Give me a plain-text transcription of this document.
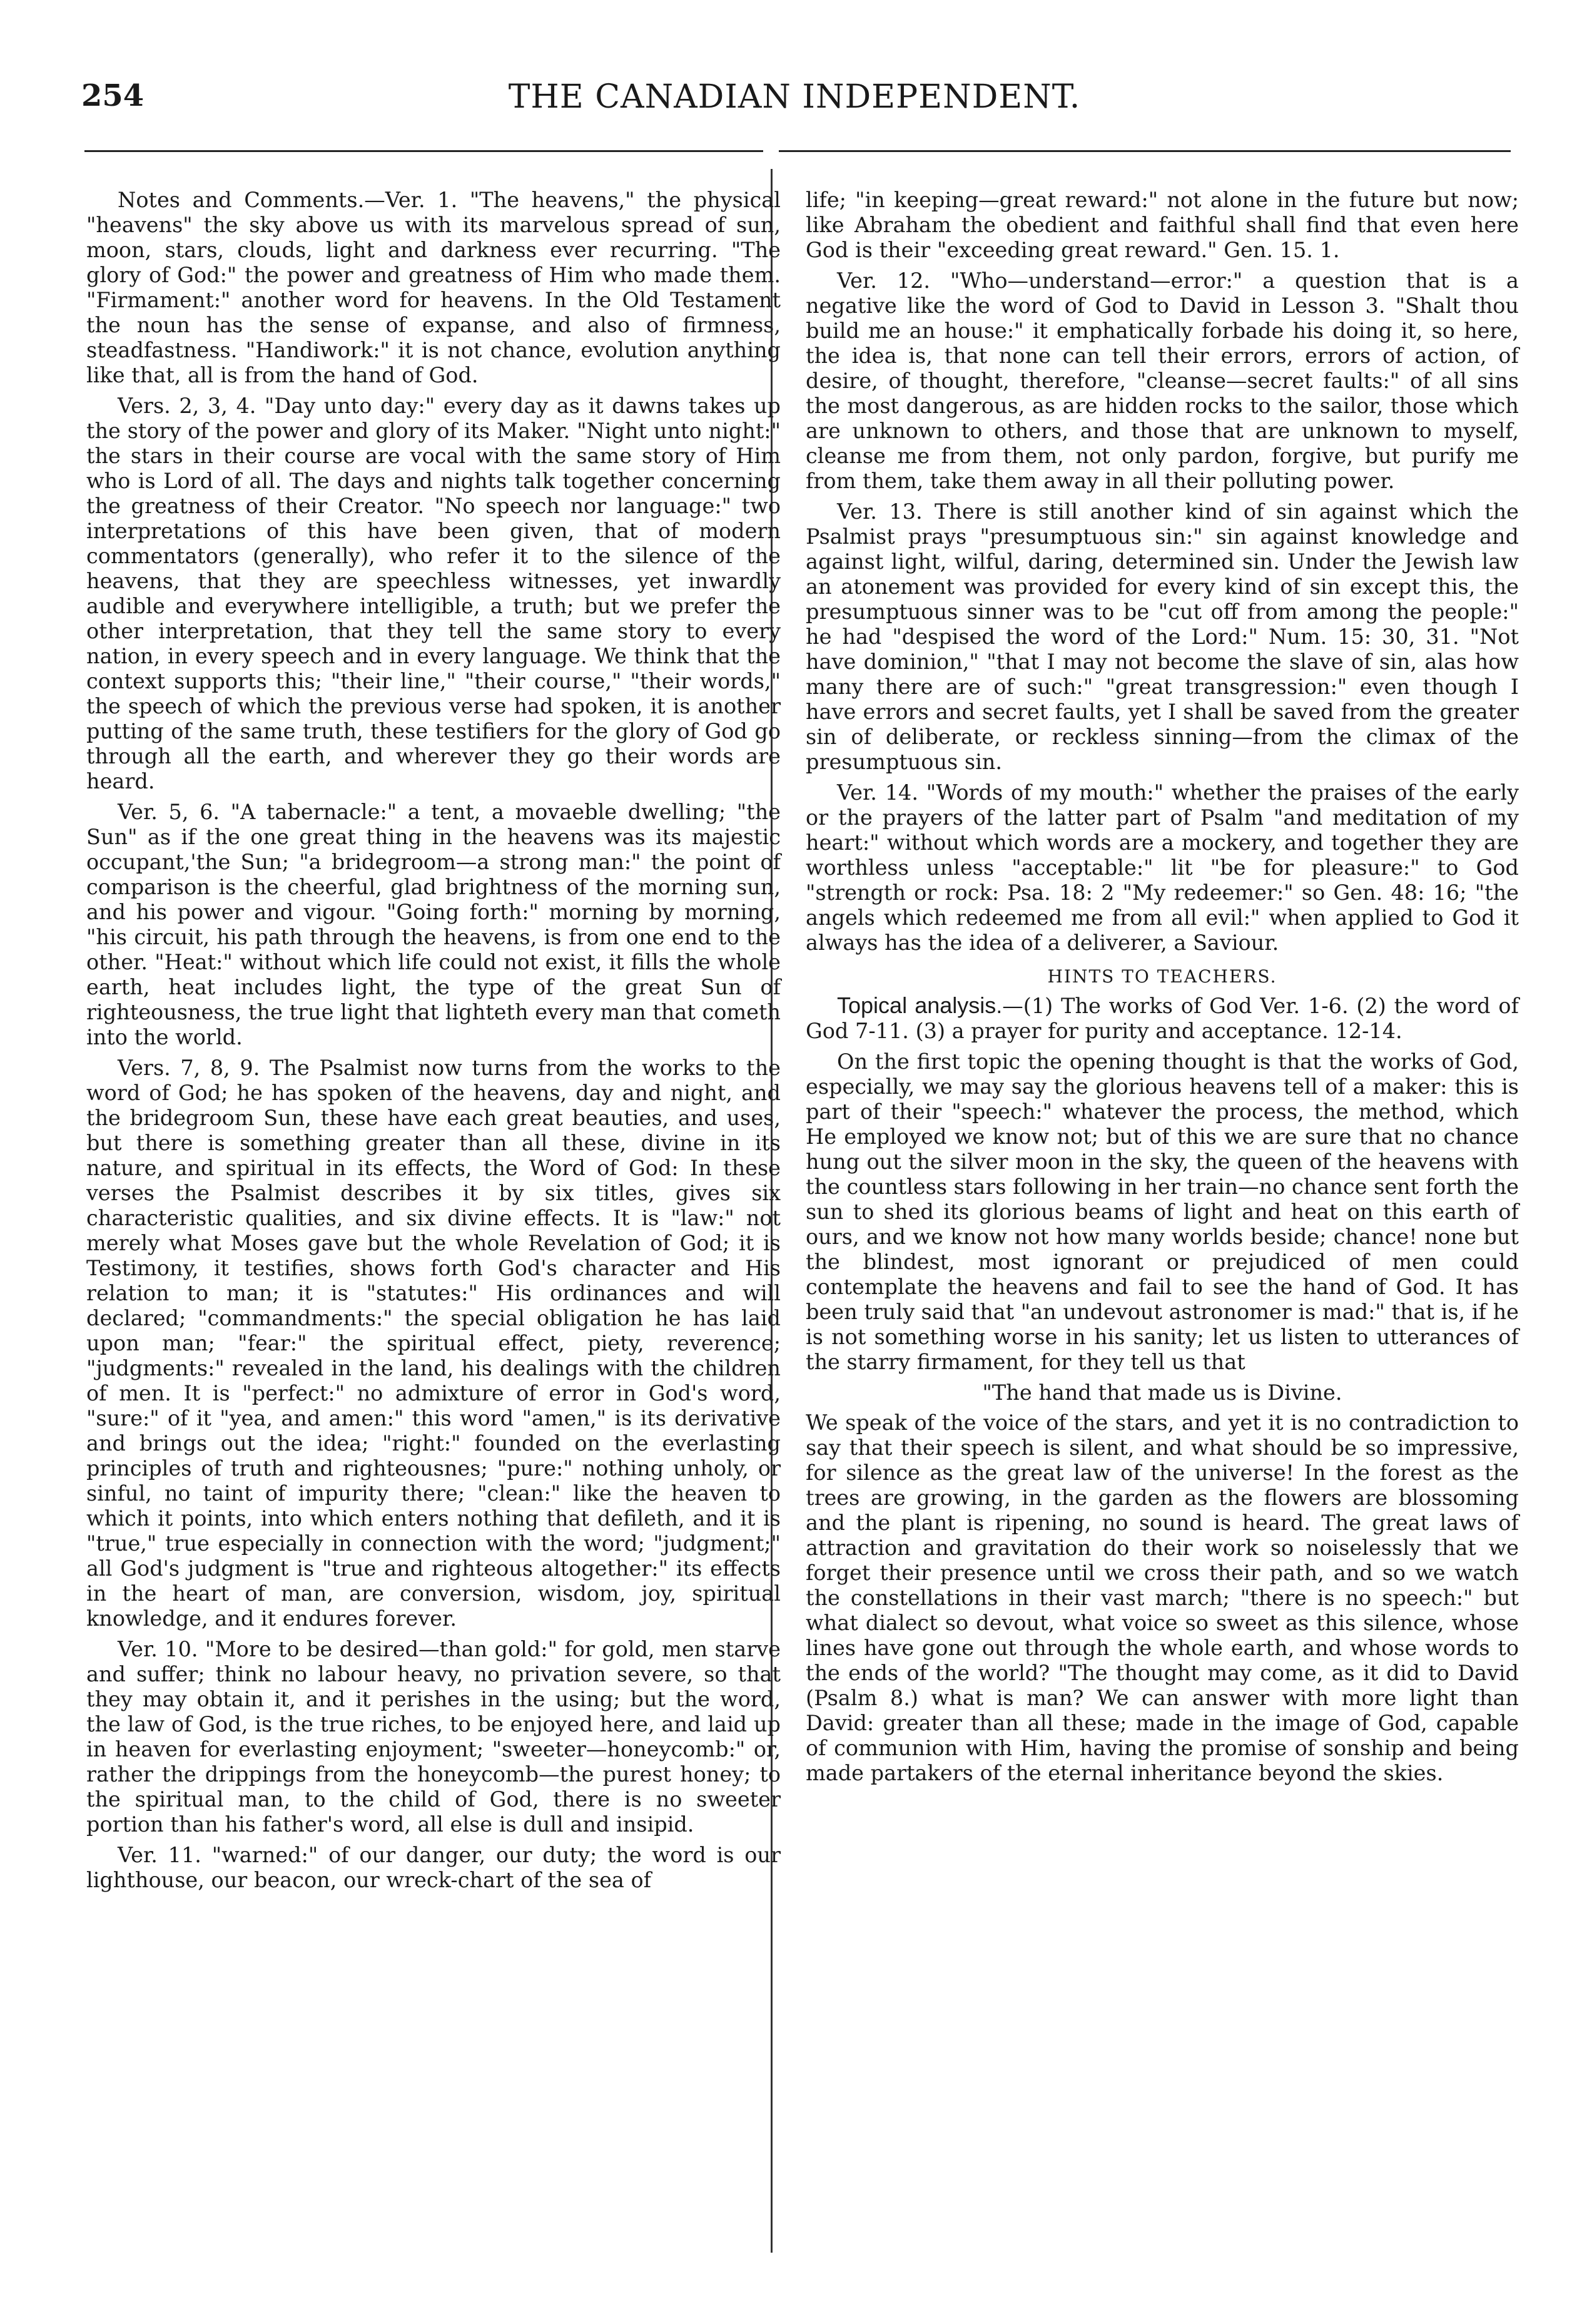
254	THE CANADIAN INDEPENDENT.

Notes and Comments.—Ver. 1. "The heavens," the physical "heavens" the sky above us with its marvelous spread of sun, moon, stars, clouds, light and darkness ever recurring. "The glory of God:" the power and greatness of Him who made them. "Firmament:" another word for heavens. In the Old Testament the noun has the sense of expanse, and also of firmness, steadfastness. "Handiwork:" it is not chance, evolution anything like that, all is from the hand of God.

Vers. 2, 3, 4. "Day unto day:" every day as it dawns takes up the story of the power and glory of its Maker. "Night unto night:" the stars in their course are vocal with the same story of Him who is Lord of all. The days and nights talk together concerning the greatness of their Creator. "No speech nor language:" two interpretations of this have been given, that of modern commentators (generally), who refer it to the silence of the heavens, that they are speechless witnesses, yet inwardly audible and everywhere intelligible, a truth; but we prefer the other interpretation, that they tell the same story to every nation, in every speech and in every language. We think that the context supports this; "their line," "their course," "their words," the speech of which the previous verse had spoken, it is another putting of the same truth, these testifiers for the glory of God go through all the earth, and wherever they go their words are heard.

Ver. 5, 6. "A tabernacle:" a tent, a movaeble dwelling; "the Sun" as if the one great thing in the heavens was its majestic occupant,'the Sun; "a bridegroom—a strong man:" the point of comparison is the cheerful, glad brightness of the morning sun, and his power and vigour. "Going forth:" morning by morning, "his circuit, his path through the heavens, is from one end to the other. "Heat:" without which life could not exist, it fills the whole earth, heat includes light, the type of the great Sun of righteousness, the true light that lighteth every man that cometh into the world.

Vers. 7, 8, 9. The Psalmist now turns from the works to the word of God; he has spoken of the heavens, day and night, and the bridegroom Sun, these have each great beauties, and uses, but there is something greater than all these, divine in its nature, and spiritual in its effects, the Word of God: In these verses the Psalmist describes it by six titles, gives six characteristic qualities, and six divine effects. It is "law:" not merely what Moses gave but the whole Revelation of God; it is Testimony, it testifies, shows forth God's character and His relation to man; it is "statutes:" His ordinances and will declared; "commandments:" the special obligation he has laid upon man; "fear:" the spiritual effect, piety, reverence; "judgments:" revealed in the land, his dealings with the children of men. It is "perfect:" no admixture of error in God's word, "sure:" of it "yea, and amen:" this word "amen," is its derivative and brings out the idea; "right:" founded on the everlasting principles of truth and righteousnes; "pure:" nothing unholy, or sinful, no taint of impurity there; "clean:" like the heaven to which it points, into which enters nothing that defileth, and it is "true," true especially in connection with the word; "judgment;" all God's judgment is "true and righteous altogether:" its effects in the heart of man, are conversion, wisdom, joy, spiritual knowledge, and it endures forever.

Ver. 10. "More to be desired—than gold:" for gold, men starve and suffer; think no labour heavy, no privation severe, so that they may obtain it, and it perishes in the using; but the word, the law of God, is the true riches, to be enjoyed here, and laid up in heaven for everlasting enjoyment; "sweeter—honeycomb:" or, rather the drippings from the honeycomb—the purest honey; to the spiritual man, to the child of God, there is no sweeter portion than his father's word, all else is dull and insipid.

Ver. 11. "warned:" of our danger, our duty; the word is our lighthouse, our beacon, our wreck-chart of the sea of

life; "in keeping—great reward:" not alone in the future but now; like Abraham the obedient and faithful shall find that even here God is their "exceeding great reward." Gen. 15. 1.

Ver. 12. "Who—understand—error:" a question that is a negative like the word of God to David in Lesson 3. "Shalt thou build me an house:" it emphatically forbade his doing it, so here, the idea is, that none can tell their errors, errors of action, of desire, of thought, therefore, "cleanse—secret faults:" of all sins the most dangerous, as are hidden rocks to the sailor, those which are unknown to others, and those that are unknown to myself, cleanse me from them, not only pardon, forgive, but purify me from them, take them away in all their polluting power.

Ver. 13. There is still another kind of sin against which the Psalmist prays "presumptuous sin:" sin against knowledge and against light, wilful, daring, determined sin. Under the Jewish law an atonement was provided for every kind of sin except this, the presumptuous sinner was to be "cut off from among the people:" he had "despised the word of the Lord:" Num. 15: 30, 31. "Not have dominion," "that I may not become the slave of sin, alas how many there are of such:" "great transgression:" even though I have errors and secret faults, yet I shall be saved from the greater sin of deliberate, or reckless sinning—from the climax of the presumptuous sin.

Ver. 14. "Words of my mouth:" whether the praises of the early or the prayers of the latter part of Psalm "and meditation of my heart:" without which words are a mockery, and together they are worthless unless "acceptable:" lit "be for pleasure:" to God "strength or rock: Psa. 18: 2 "My redeemer:" so Gen. 48: 16; "the angels which redeemed me from all evil:" when applied to God it always has the idea of a deliverer, a Saviour.

HINTS TO TEACHERS.

Topical analysis.—(1) The works of God Ver. 1-6. (2) the word of God 7-11. (3) a prayer for purity and acceptance. 12-14.

On the first topic the opening thought is that the works of God, especially, we may say the glorious heavens tell of a maker: this is part of their "speech:" whatever the process, the method, which He employed we know not; but of this we are sure that no chance hung out the silver moon in the sky, the queen of the heavens with the countless stars following in her train—no chance sent forth the sun to shed its glorious beams of light and heat on this earth of ours, and we know not how many worlds beside; chance! none but the blindest, most ignorant or prejudiced of men could contemplate the heavens and fail to see the hand of God. It has been truly said that "an undevout astronomer is mad:" that is, if he is not something worse in his sanity; let us listen to utterances of the starry firmament, for they tell us that

"The hand that made us is Divine.

We speak of the voice of the stars, and yet it is no contradiction to say that their speech is silent, and what should be so impressive, for silence as the great law of the universe! In the forest as the trees are growing, in the garden as the flowers are blossoming and the plant is ripening, no sound is heard. The great laws of attraction and gravitation do their work so noiselessly that we forget their presence until we cross their path, and so we watch the constellations in their vast march; "there is no speech:" but what dialect so devout, what voice so sweet as this silence, whose lines have gone out through the whole earth, and whose words to the ends of the world? "The thought may come, as it did to David (Psalm 8.) what is man? We can answer with more light than David: greater than all these; made in the image of God, capable of communion with Him, having the promise of sonship and being made partakers of the eternal inheritance beyond the skies.
